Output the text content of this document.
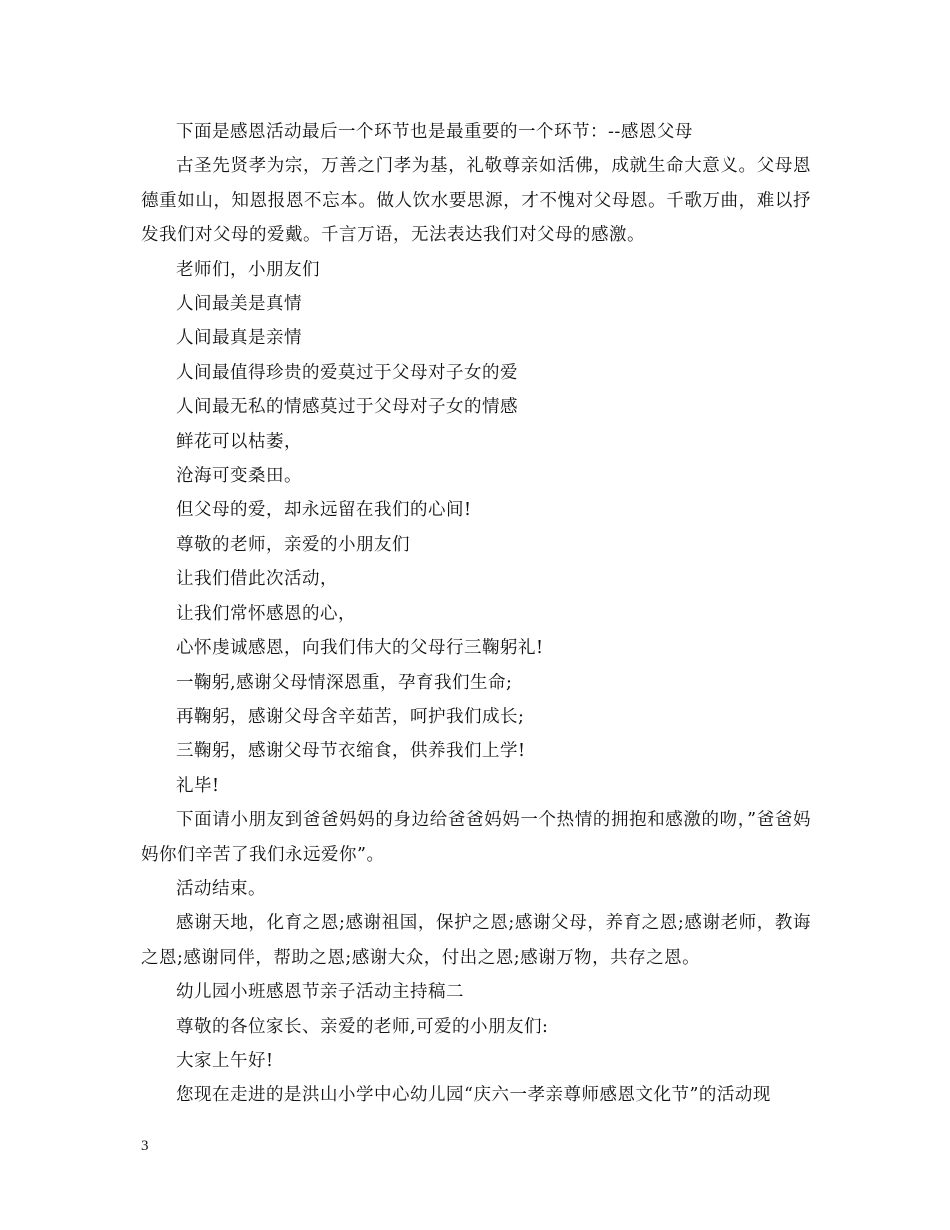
下面是感恩活动最后一个环节也是最重要的一个环节：--感恩父母

古圣先贤孝为宗，万善之门孝为基，礼敬尊亲如活佛，成就生命大意义。父母恩德重如山，知恩报恩不忘本。做人饮水要思源，才不愧对父母恩。千歌万曲，难以抒发我们对父母的爱戴。千言万语，无法表达我们对父母的感激。

老师们，小朋友们

人间最美是真情

人间最真是亲情

人间最值得珍贵的爱莫过于父母对子女的爱

人间最无私的情感莫过于父母对子女的情感

鲜花可以枯萎，

沧海可变桑田。

但父母的爱，却永远留在我们的心间!

尊敬的老师，亲爱的小朋友们

让我们借此次活动，

让我们常怀感恩的心，

心怀虔诚感恩，向我们伟大的父母行三鞠躬礼!

一鞠躬,感谢父母情深恩重，孕育我们生命;

再鞠躬，感谢父母含辛茹苦，呵护我们成长;

三鞠躬，感谢父母节衣缩食，供养我们上学!

礼毕!

下面请小朋友到爸爸妈妈的身边给爸爸妈妈一个热情的拥抱和感激的吻，”爸爸妈妈你们辛苦了我们永远爱你”。

活动结束。

感谢天地，化育之恩;感谢祖国，保护之恩;感谢父母，养育之恩;感谢老师，教诲之恩;感谢同伴，帮助之恩;感谢大众，付出之恩;感谢万物，共存之恩。

幼儿园小班感恩节亲子活动主持稿二

尊敬的各位家长、亲爱的老师,可爱的小朋友们:

大家上午好!

您现在走进的是洪山小学中心幼儿园“庆六一孝亲尊师感恩文化节”的活动现

3
